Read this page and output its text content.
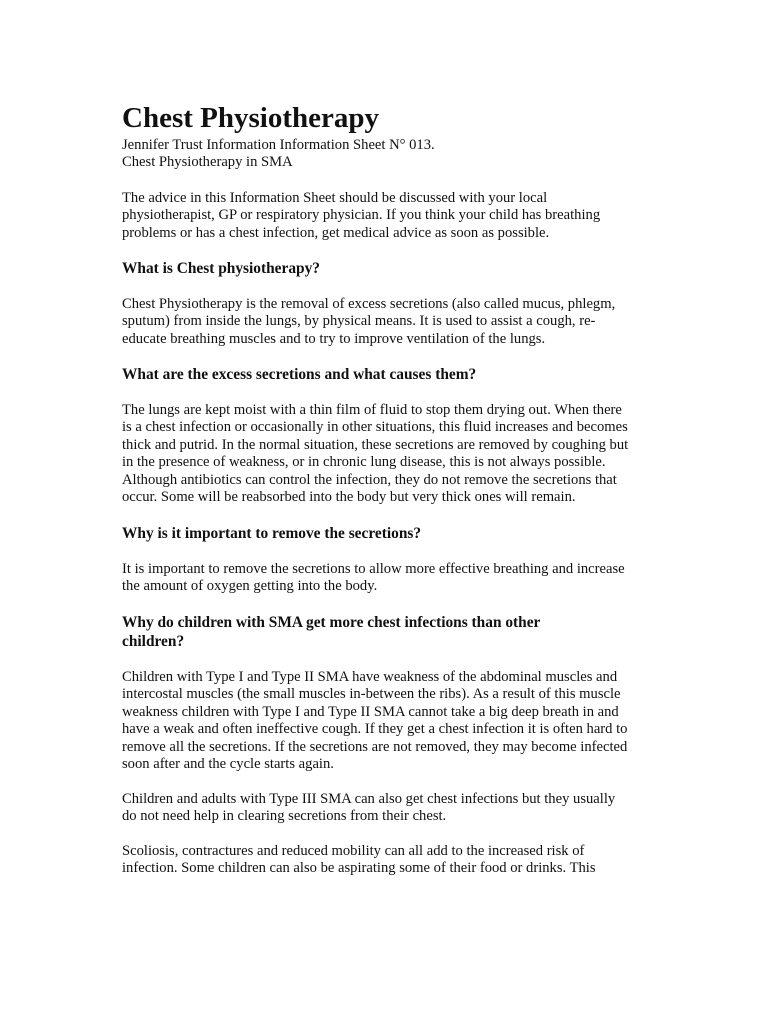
Chest Physiotherapy

Jennifer Trust Information Information Sheet N° 013.
Chest Physiotherapy in SMA

The advice in this Information Sheet should be discussed with your local
physiotherapist, GP or respiratory physician. If you think your child has breathing
problems or has a chest infection, get medical advice as soon as possible.

What is Chest physiotherapy?

Chest Physiotherapy is the removal of excess secretions (also called mucus, phlegm,
sputum) from inside the lungs, by physical means. It is used to assist a cough, re-
educate breathing muscles and to try to improve ventilation of the lungs.

What are the excess secretions and what causes them?

The lungs are kept moist with a thin film of fluid to stop them drying out. When there
is a chest infection or occasionally in other situations, this fluid increases and becomes
thick and putrid. In the normal situation, these secretions are removed by coughing but
in the presence of weakness, or in chronic lung disease, this is not always possible.
Although antibiotics can control the infection, they do not remove the secretions that
occur. Some will be reabsorbed into the body but very thick ones will remain.

Why is it important to remove the secretions?

It is important to remove the secretions to allow more effective breathing and increase
the amount of oxygen getting into the body.

Why do children with SMA get more chest infections than other
children?

Children with Type I and Type II SMA have weakness of the abdominal muscles and
intercostal muscles (the small muscles in-between the ribs). As a result of this muscle
weakness children with Type I and Type II SMA cannot take a big deep breath in and
have a weak and often ineffective cough. If they get a chest infection it is often hard to
remove all the secretions. If the secretions are not removed, they may become infected
soon after and the cycle starts again.

Children and adults with Type III SMA can also get chest infections but they usually
do not need help in clearing secretions from their chest.

Scoliosis, contractures and reduced mobility can all add to the increased risk of
infection. Some children can also be aspirating some of their food or drinks. This
